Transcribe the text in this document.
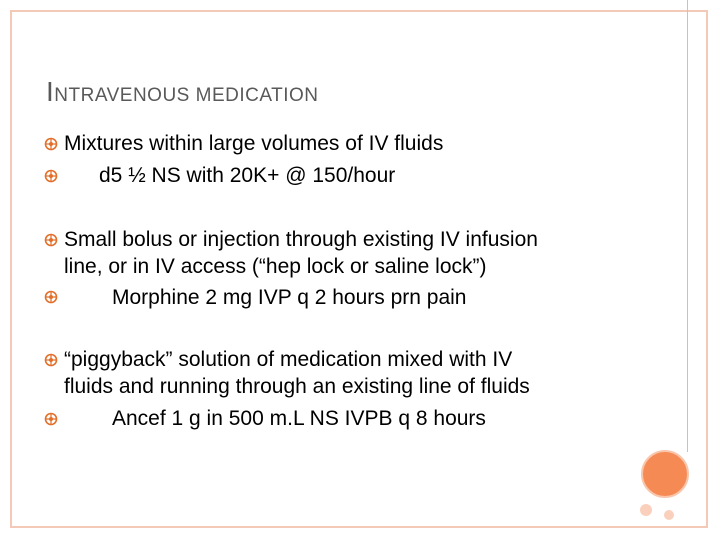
INTRAVENOUS MEDICATION
Mixtures within large volumes of IV fluids
d5 ½ NS with 20K+ @ 150/hour
Small bolus or injection through existing IV infusion
line, or in IV access (“hep lock or saline lock”)
Morphine 2 mg IVP q 2 hours prn pain
“piggyback” solution of medication mixed with IV
fluids and running through an existing line of fluids
Ancef 1 g in 500 m.L NS IVPB q 8 hours
